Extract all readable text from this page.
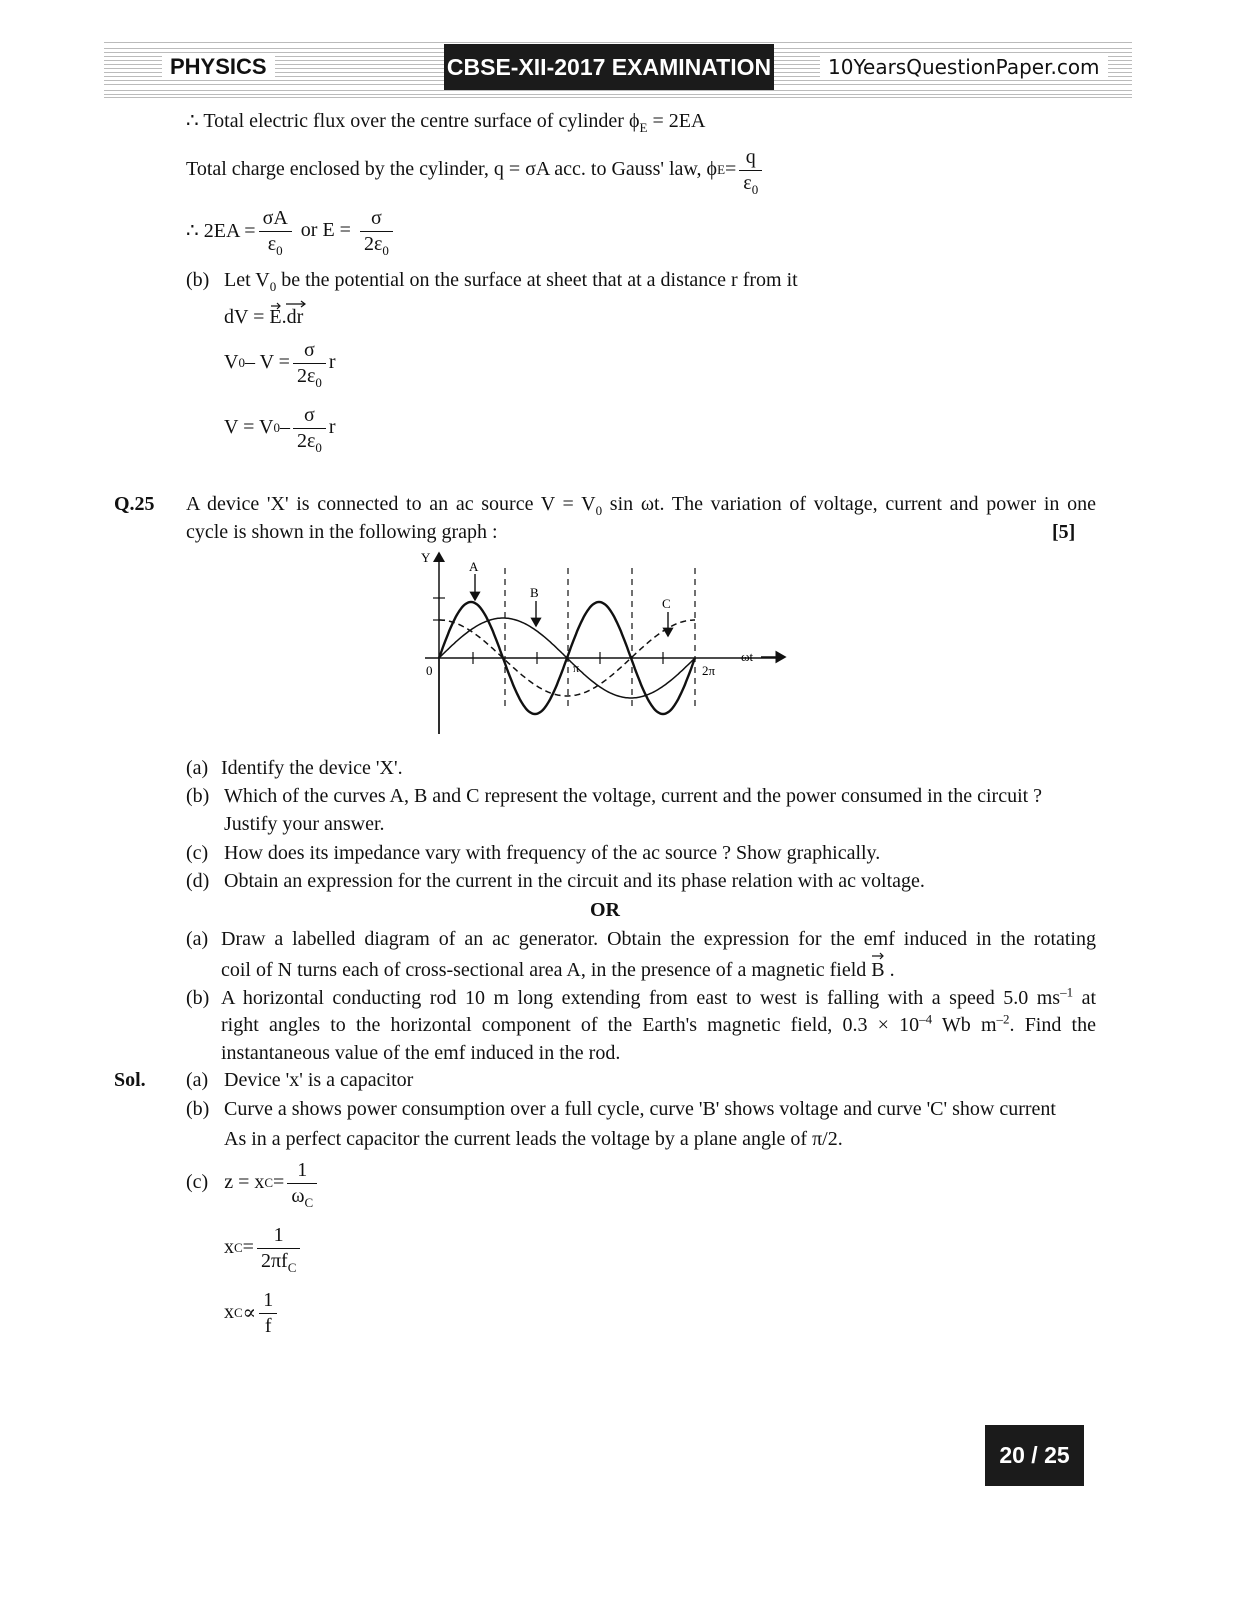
PHYSICS	CBSE-XII-2017 EXAMINATION	10YearsQuestionPaper.com
∴ Total electric flux over the centre surface of cylinder $\phi_E = 2EA$
Total charge enclosed by the cylinder, q = σA acc. to Gauss' law, ϕ $E = \frac{q}{\varepsilon_0}$
∴ $2EA = \frac{\sigma A}{\varepsilon_0}$ or $E = \frac{\sigma}{2\varepsilon_0}$
(b) Let $V_0$ be the potential on the surface at sheet that at a distance r from it
dV = E.dr
V $0 - V = \frac{\sigma}{2\varepsilon_0}$ r
V = V $0 - \frac{\sigma}{2\varepsilon_0}$ r
Q.25 A device 'X' is connected to an ac source $V = V_0$ sin ωt. The variation of voltage, current and power in one
cycle is shown in the following graph :	[5]
Y
A
B
C
0	π	2π
ωt
(a) Identify the device 'X'.
(b) Which of the curves A, B and C represent the voltage, current and the power consumed in the circuit ?
Justify your answer.
(c) How does its impedance vary with frequency of the ac source ? Show graphically.
(d) Obtain an expression for the current in the circuit and its phase relation with ac voltage.
OR
(a) Draw a labelled diagram of an ac generator. Obtain the expression for the emf induced in the rotating
coil of N turns each of cross-sectional area A, in the presence of a magnetic field B
.
(b) A horizontal conducting rod 10 m long extending from east to west is falling with a speed 5.0 $ms^{-1}$ at
right angles to the horizontal component of the Earth's magnetic field, $0.3 \times 10^{-4}$ Wb $m^{-2}$. Find the
instantaneous value of the emf induced in the rod.
Sol. (a) Device 'x' is a capacitor
(b) Curve a shows power consumption over a full cycle, curve 'B' shows voltage and curve 'C' show current
As in a perfect capacitor the current leads the voltage by a plane angle of π/2.
(c) z = x $C = \frac{1}{\omega_C}$
x $C = \frac{1}{2\pi f_C}$
x $C \propto \frac{1}{f}$
20 / 25
